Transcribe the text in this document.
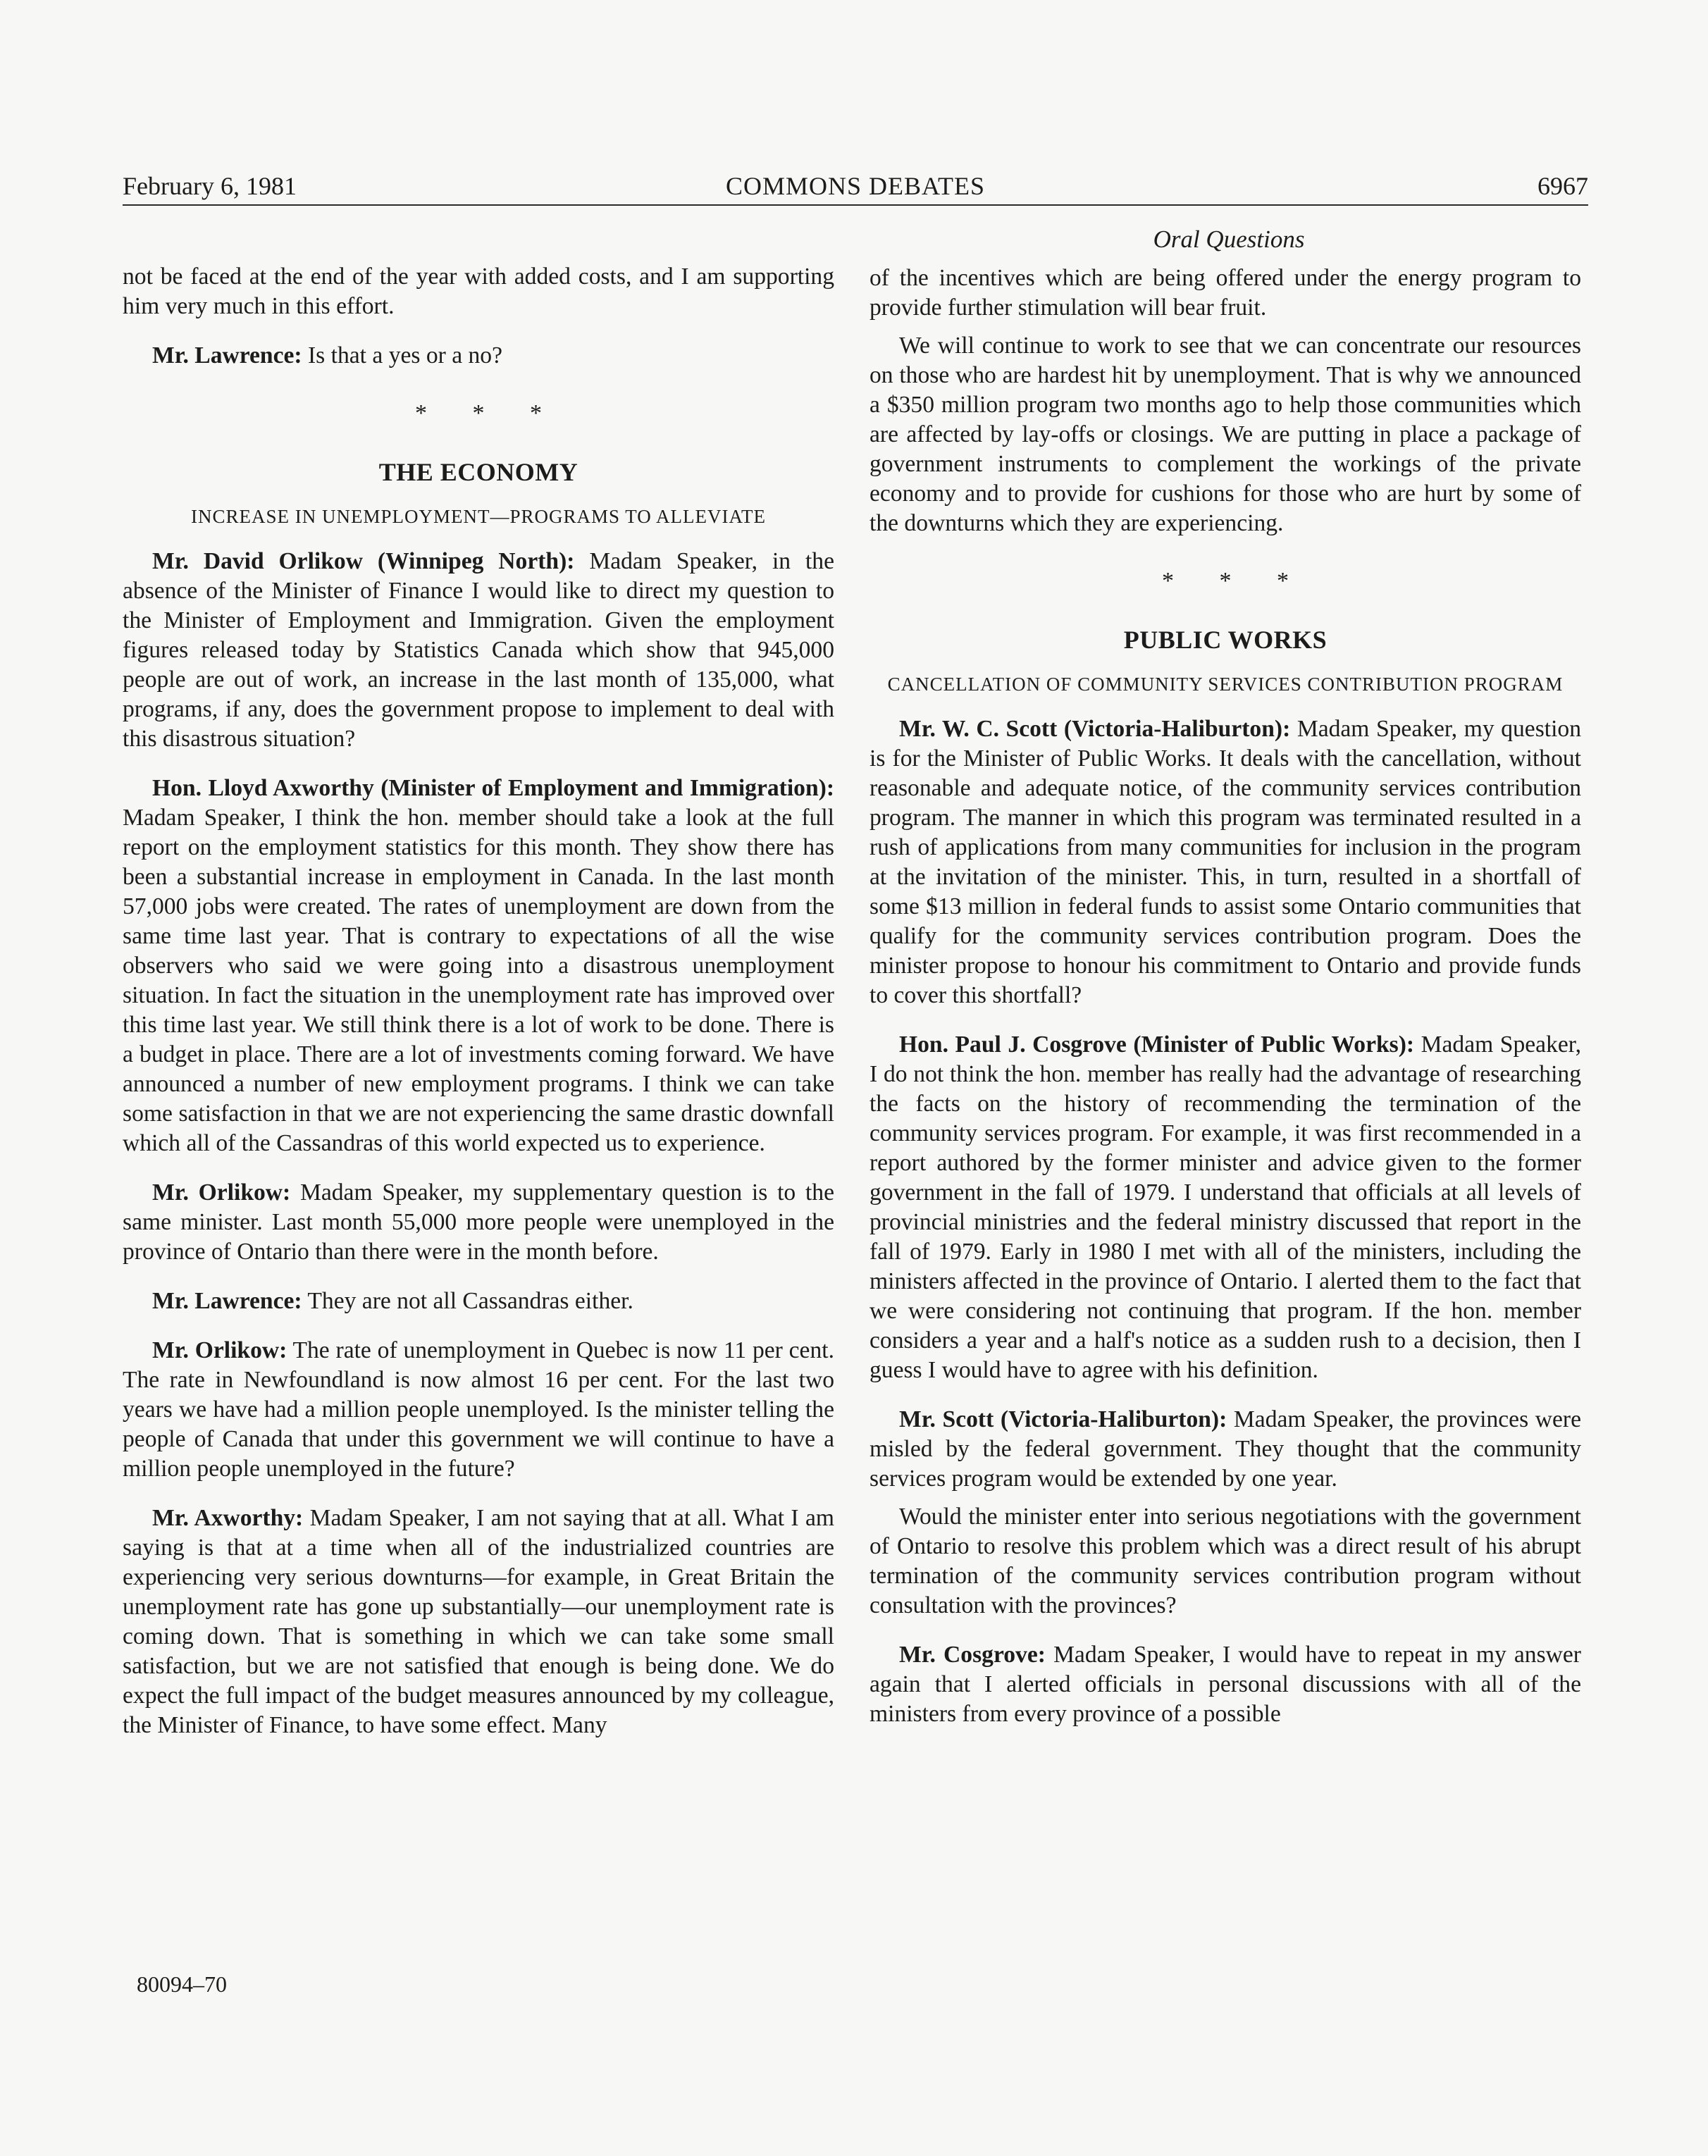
February 6, 1981	COMMONS DEBATES	6967
Oral Questions

not be faced at the end of the year with added costs, and I am supporting him very much in this effort.

Mr. Lawrence: Is that a yes or a no?

* * *
THE ECONOMY
INCREASE IN UNEMPLOYMENT—PROGRAMS TO ALLEVIATE

Mr. David Orlikow (Winnipeg North): Madam Speaker, in the absence of the Minister of Finance I would like to direct my question to the Minister of Employment and Immigration. Given the employment figures released today by Statistics Canada which show that 945,000 people are out of work, an increase in the last month of 135,000, what programs, if any, does the government propose to implement to deal with this disastrous situation?

Hon. Lloyd Axworthy (Minister of Employment and Immigration): Madam Speaker, I think the hon. member should take a look at the full report on the employment statistics for this month. They show there has been a substantial increase in employment in Canada. In the last month 57,000 jobs were created. The rates of unemployment are down from the same time last year. That is contrary to expectations of all the wise observers who said we were going into a disastrous unemployment situation. In fact the situation in the unemployment rate has improved over this time last year. We still think there is a lot of work to be done. There is a budget in place. There are a lot of investments coming forward. We have announced a number of new employment programs. I think we can take some satisfaction in that we are not experiencing the same drastic downfall which all of the Cassandras of this world expected us to experience.

Mr. Orlikow: Madam Speaker, my supplementary question is to the same minister. Last month 55,000 more people were unemployed in the province of Ontario than there were in the month before.

Mr. Lawrence: They are not all Cassandras either.

Mr. Orlikow: The rate of unemployment in Quebec is now 11 per cent. The rate in Newfoundland is now almost 16 per cent. For the last two years we have had a million people unemployed. Is the minister telling the people of Canada that under this government we will continue to have a million people unemployed in the future?

Mr. Axworthy: Madam Speaker, I am not saying that at all. What I am saying is that at a time when all of the industrialized countries are experiencing very serious downturns—for example, in Great Britain the unemployment rate has gone up substantially—our unemployment rate is coming down. That is something in which we can take some small satisfaction, but we are not satisfied that enough is being done. We do expect the full impact of the budget measures announced by my colleague, the Minister of Finance, to have some effect. Many

of the incentives which are being offered under the energy program to provide further stimulation will bear fruit.

We will continue to work to see that we can concentrate our resources on those who are hardest hit by unemployment. That is why we announced a $350 million program two months ago to help those communities which are affected by lay-offs or closings. We are putting in place a package of government instruments to complement the workings of the private economy and to provide for cushions for those who are hurt by some of the downturns which they are experiencing.

* * *
PUBLIC WORKS
CANCELLATION OF COMMUNITY SERVICES CONTRIBUTION PROGRAM

Mr. W. C. Scott (Victoria-Haliburton): Madam Speaker, my question is for the Minister of Public Works. It deals with the cancellation, without reasonable and adequate notice, of the community services contribution program. The manner in which this program was terminated resulted in a rush of applications from many communities for inclusion in the program at the invitation of the minister. This, in turn, resulted in a shortfall of some $13 million in federal funds to assist some Ontario communities that qualify for the community services contribution program. Does the minister propose to honour his commitment to Ontario and provide funds to cover this shortfall?

Hon. Paul J. Cosgrove (Minister of Public Works): Madam Speaker, I do not think the hon. member has really had the advantage of researching the facts on the history of recommending the termination of the community services program. For example, it was first recommended in a report authored by the former minister and advice given to the former government in the fall of 1979. I understand that officials at all levels of provincial ministries and the federal ministry discussed that report in the fall of 1979. Early in 1980 I met with all of the ministers, including the ministers affected in the province of Ontario. I alerted them to the fact that we were considering not continuing that program. If the hon. member considers a year and a half's notice as a sudden rush to a decision, then I guess I would have to agree with his definition.

Mr. Scott (Victoria-Haliburton): Madam Speaker, the provinces were misled by the federal government. They thought that the community services program would be extended by one year.

Would the minister enter into serious negotiations with the government of Ontario to resolve this problem which was a direct result of his abrupt termination of the community services contribution program without consultation with the provinces?

Mr. Cosgrove: Madam Speaker, I would have to repeat in my answer again that I alerted officials in personal discussions with all of the ministers from every province of a possible

80094–70
